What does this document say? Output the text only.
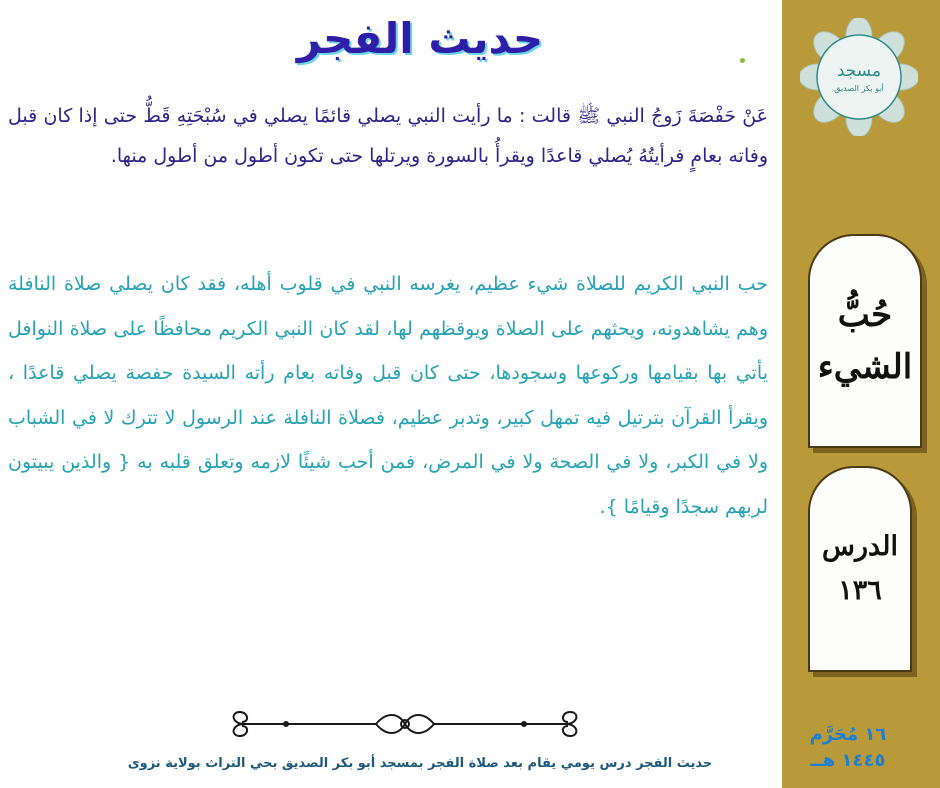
مسجد
أبو بكر الصديق
حُبُّ
الشيء
الدرس
١٣٦
١٦ مُحَرَّم
١٤٤٥ هــ
حديث الفجر
عَنْ حَفْصَةَ زَوجُ النبي ﷺ قالت : ما رأيت النبي يصلي قائمًا يصلي في سُبْحَتِهِ قَطُّ حتى إذا كان قبل وفاته بعامٍ فرأيتُهُ يُصلي قاعدًا ويقرأُ بالسورة ويرتلها حتى تكون أطول من أطول منها.
حب النبي الكريم للصلاة شيء عظيم، يغرسه النبي في قلوب أهله، فقد كان يصلي صلاة النافلة وهم يشاهدونه، ويحثهم على الصلاة ويوقظهم لها، لقد كان النبي الكريم محافظًا على صلاة النوافل يأتي بها بقيامها وركوعها وسجودها، حتى كان قبل وفاته بعام رأته السيدة حفصة يصلي قاعدًا ، ويقرأ القرآن بترتيل فيه تمهل كبير، وتدبر عظيم، فصلاة النافلة عند الرسول لا تترك لا في الشباب ولا في الكبر، ولا في الصحة ولا في المرض، فمن أحب شيئًا لازمه وتعلق قلبه به { والذين يبيتون لربهم سجدًا وقيامًا }.
حديث الفجر درس يومي يقام بعد صلاة الفجر بمسجد أبو بكر الصديق بحي التراث بولاية نزوى
